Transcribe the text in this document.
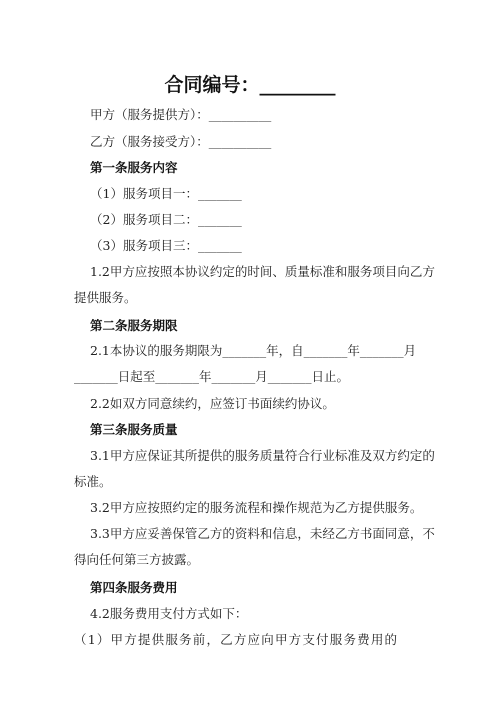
合同编号：________
甲方（服务提供方）：__________
乙方（服务接受方）：__________
第一条服务内容
（1）服务项目一：_______
（2）服务项目二：_______
（3）服务项目三：_______
1.2甲方应按照本协议约定的时间、质量标准和服务项目向乙方
提供服务。
第二条服务期限
2.1本协议的服务期限为_______年，自_______年_______月
_______日起至_______年_______月_______日止。
2.2如双方同意续约，应签订书面续约协议。
第三条服务质量
3.1甲方应保证其所提供的服务质量符合行业标准及双方约定的
标准。
3.2甲方应按照约定的服务流程和操作规范为乙方提供服务。
3.3甲方应妥善保管乙方的资料和信息，未经乙方书面同意，不
得向任何第三方披露。
第四条服务费用
4.2服务费用支付方式如下：
（1）甲方提供服务前，乙方应向甲方支付服务费用的
